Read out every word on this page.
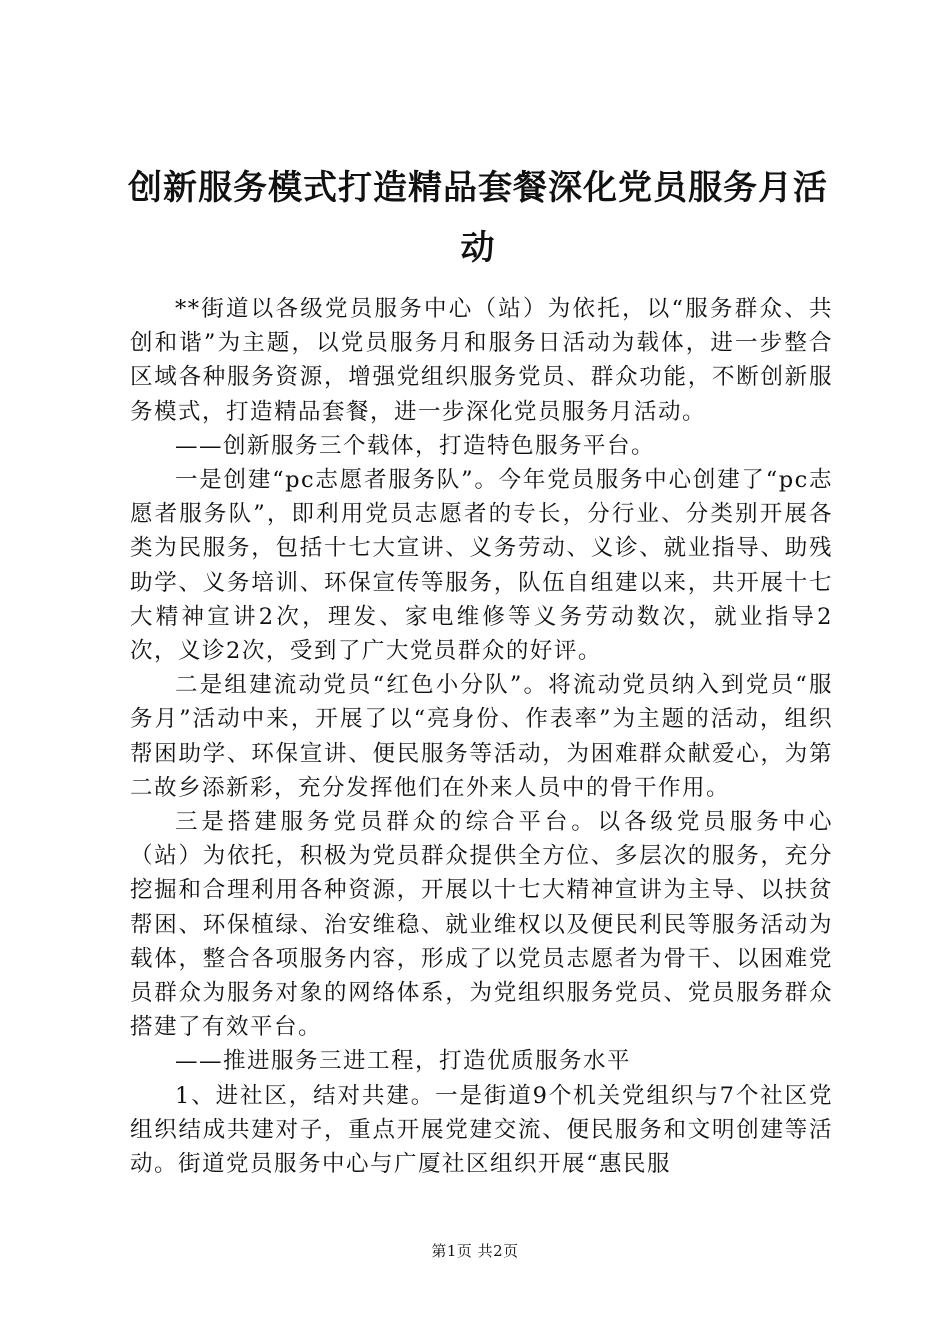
创新服务模式打造精品套餐深化党员服务月活动

**街道以各级党员服务中心（站）为依托，以“服务群众、共创和谐”为主题，以党员服务月和服务日活动为载体，进一步整合区域各种服务资源，增强党组织服务党员、群众功能，不断创新服务模式，打造精品套餐，进一步深化党员服务月活动。

——创新服务三个载体，打造特色服务平台。

一是创建“pc志愿者服务队”。今年党员服务中心创建了“pc志愿者服务队”，即利用党员志愿者的专长，分行业、分类别开展各类为民服务，包括十七大宣讲、义务劳动、义诊、就业指导、助残助学、义务培训、环保宣传等服务，队伍自组建以来，共开展十七大精神宣讲2次，理发、家电维修等义务劳动数次，就业指导2次，义诊2次，受到了广大党员群众的好评。

二是组建流动党员“红色小分队”。将流动党员纳入到党员“服务月”活动中来，开展了以“亮身份、作表率”为主题的活动，组织帮困助学、环保宣讲、便民服务等活动，为困难群众献爱心，为第二故乡添新彩，充分发挥他们在外来人员中的骨干作用。

三是搭建服务党员群众的综合平台。以各级党员服务中心（站）为依托，积极为党员群众提供全方位、多层次的服务，充分挖掘和合理利用各种资源，开展以十七大精神宣讲为主导、以扶贫帮困、环保植绿、治安维稳、就业维权以及便民利民等服务活动为载体，整合各项服务内容，形成了以党员志愿者为骨干、以困难党员群众为服务对象的网络体系，为党组织服务党员、党员服务群众搭建了有效平台。

——推进服务三进工程，打造优质服务水平

1、进社区，结对共建。一是街道9个机关党组织与7个社区党组织结成共建对子，重点开展党建交流、便民服务和文明创建等活动。街道党员服务中心与广厦社区组织开展“惠民服

第1页 共2页
